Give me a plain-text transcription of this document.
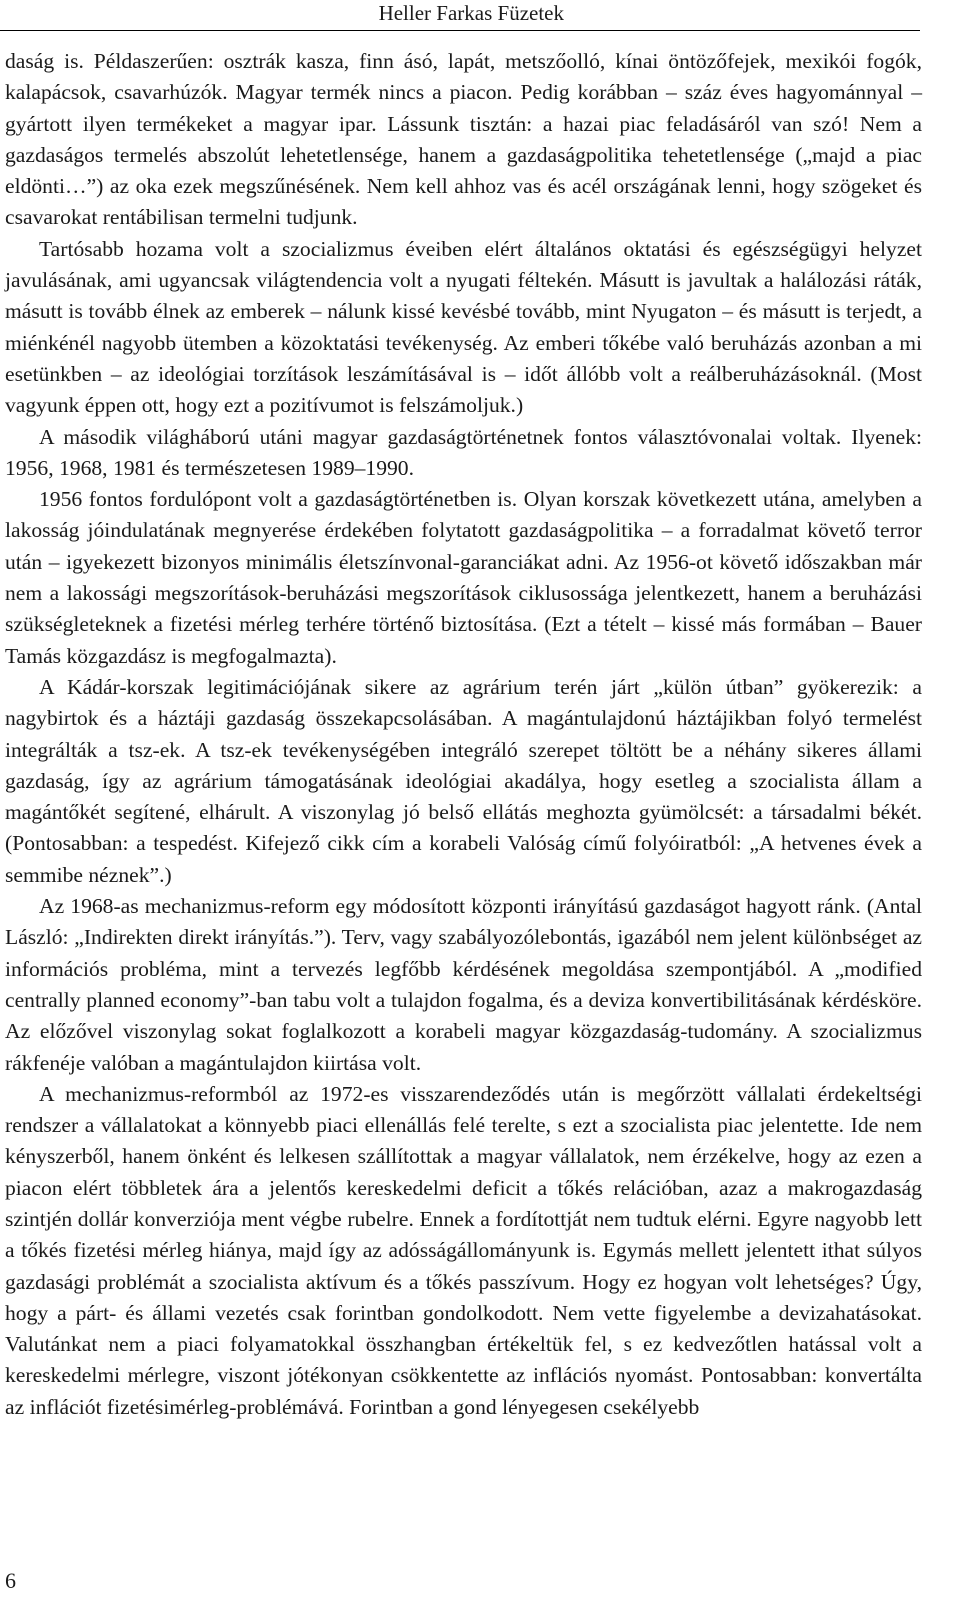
Heller Farkas Füzetek

daság is. Példaszerűen: osztrák kasza, finn ásó, lapát, metszőolló, kínai öntözőfejek, mexikói fogók, kalapácsok, csavarhúzók. Magyar termék nincs a piacon. Pedig korábban – száz éves hagyománnyal – gyártott ilyen termékeket a magyar ipar. Lássunk tisztán: a hazai piac feladásáról van szó! Nem a gazdaságos termelés abszolút lehetetlensége, hanem a gazdaságpolitika tehetetlensége („majd a piac eldönti…”) az oka ezek megszűnésének. Nem kell ahhoz vas és acél országának lenni, hogy szögeket és csavarokat rentábilisan termelni tudjunk.

Tartósabb hozama volt a szocializmus éveiben elért általános oktatási és egészségügyi helyzet javulásának, ami ugyancsak világtendencia volt a nyugati féltekén. Másutt is javultak a halálozási ráták, másutt is tovább élnek az emberek – nálunk kissé kevésbé tovább, mint Nyugaton – és másutt is terjedt, a miénkénél nagyobb ütemben a közoktatási tevékenység. Az emberi tőkébe való beruházás azonban a mi esetünkben – az ideológiai torzítások leszámításával is – időt állóbb volt a reálberuházásoknál. (Most vagyunk éppen ott, hogy ezt a pozitívumot is felszámoljuk.)

A második világháború utáni magyar gazdaságtörténetnek fontos választóvonalai voltak. Ilyenek: 1956, 1968, 1981 és természetesen 1989–1990.

1956 fontos fordulópont volt a gazdaságtörténetben is. Olyan korszak következett utána, amelyben a lakosság jóindulatának megnyerése érdekében folytatott gazdaságpolitika – a forradalmat követő terror után – igyekezett bizonyos minimális életszínvonal-garanciákat adni. Az 1956-ot követő időszakban már nem a lakossági megszorítások-beruházási megszorítások ciklusossága jelentkezett, hanem a beruházási szükségleteknek a fizetési mérleg terhére történő biztosítása. (Ezt a tételt – kissé más formában – Bauer Tamás közgazdász is megfogalmazta).

A Kádár-korszak legitimációjának sikere az agrárium terén járt „külön útban” gyökerezik: a nagybirtok és a háztáji gazdaság összekapcsolásában. A magántulajdonú háztájikban folyó termelést integrálták a tsz-ek. A tsz-ek tevékenységében integráló szerepet töltött be a néhány sikeres állami gazdaság, így az agrárium támogatásának ideológiai akadálya, hogy esetleg a szocialista állam a magántőkét segítené, elhárult. A viszonylag jó belső ellátás meghozta gyümölcsét: a társadalmi békét. (Pontosabban: a tespedést. Kifejező cikk cím a korabeli Valóság című folyóiratból: „A hetvenes évek a semmibe néznek”.)

Az 1968-as mechanizmus-reform egy módosított központi irányítású gazdaságot hagyott ránk. (Antal László: „Indirekten direkt irányítás.”). Terv, vagy szabályozólebontás, igazából nem jelent különbséget az információs probléma, mint a tervezés legfőbb kérdésének megoldása szempontjából. A „modified centrally planned economy”-ban tabu volt a tulajdon fogalma, és a deviza konvertibilitásának kérdésköre. Az előzővel viszonylag sokat foglalkozott a korabeli magyar közgazdaság-tudomány. A szocializmus rákfenéje valóban a magántulajdon kiirtása volt.

A mechanizmus-reformból az 1972-es visszarendeződés után is megőrzött vállalati érdekeltségi rendszer a vállalatokat a könnyebb piaci ellenállás felé terelte, s ezt a szocialista piac jelentette. Ide nem kényszerből, hanem önként és lelkesen szállítottak a magyar vállalatok, nem érzékelve, hogy az ezen a piacon elért többletek ára a jelentős kereskedelmi deficit a tőkés relációban, azaz a makrogazdaság szintjén dollár konverziója ment végbe rubelre. Ennek a fordítottját nem tudtuk elérni. Egyre nagyobb lett a tőkés fizetési mérleg hiánya, majd így az adósságállományunk is. Egymás mellett jelentett ithat súlyos gazdasági problémát a szocialista aktívum és a tőkés passzívum. Hogy ez hogyan volt lehetséges? Úgy, hogy a párt- és állami vezetés csak forintban gondolkodott. Nem vette figyelembe a devizahatásokat. Valutánkat nem a piaci folyamatokkal összhangban értékeltük fel, s ez kedvezőtlen hatással volt a kereskedelmi mérlegre, viszont jótékonyan csökkentette az inflációs nyomást. Pontosabban: konvertálta az inflációt fizetésimérleg-problémává. Forintban a gond lényegesen csekélyebb

6
